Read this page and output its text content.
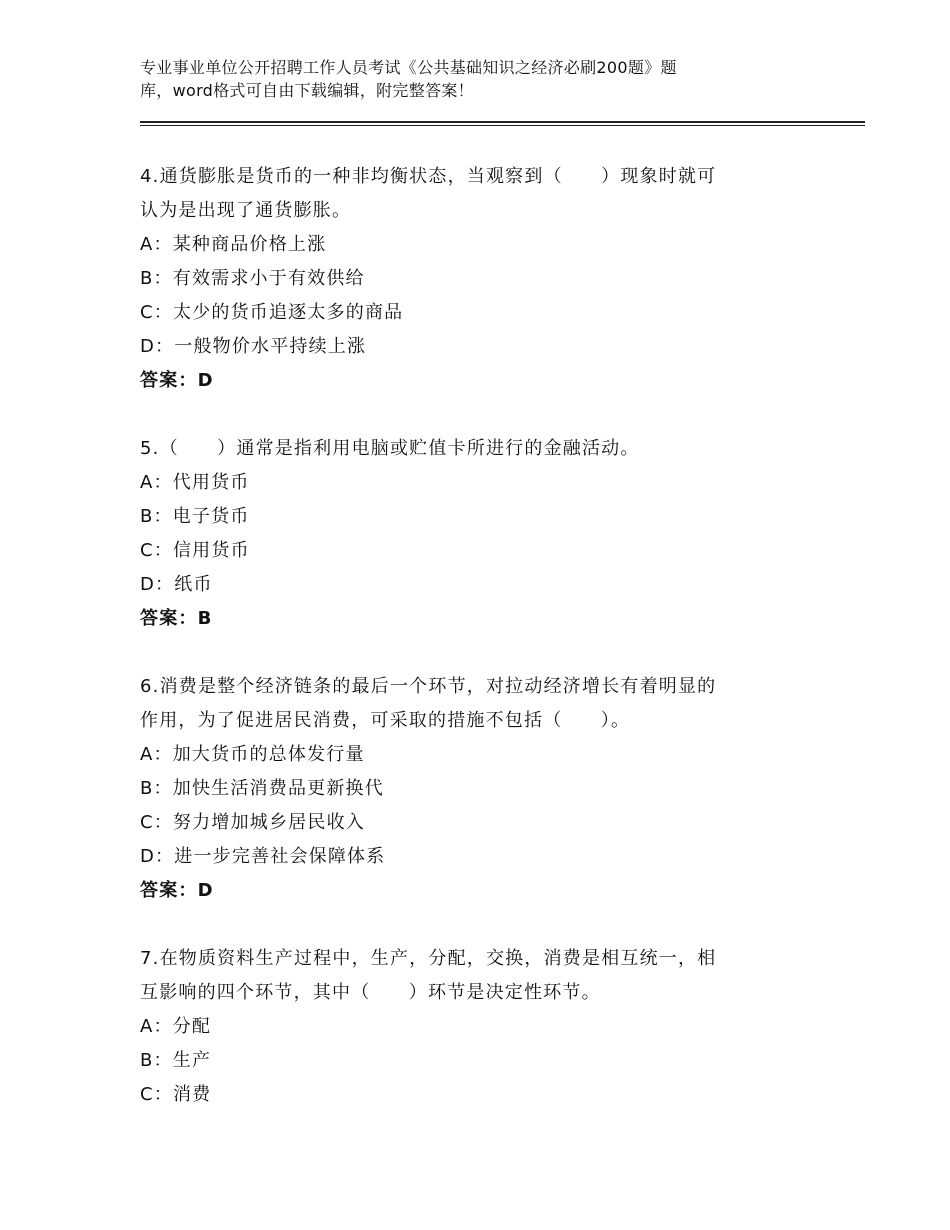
专业事业单位公开招聘工作人员考试《公共基础知识之经济必刷200题》题
库，word格式可自由下载编辑，附完整答案！
4.通货膨胀是货币的一种非均衡状态，当观察到（　　）现象时就可
认为是出现了通货膨胀。
A：某种商品价格上涨
B：有效需求小于有效供给
C：太少的货币追逐太多的商品
D：一般物价水平持续上涨
答案：D
5.（　　）通常是指利用电脑或贮值卡所进行的金融活动。
A：代用货币
B：电子货币
C：信用货币
D：纸币
答案：B
6.消费是整个经济链条的最后一个环节，对拉动经济增长有着明显的
作用，为了促进居民消费，可采取的措施不包括（　　）。
A：加大货币的总体发行量
B：加快生活消费品更新换代
C：努力增加城乡居民收入
D：进一步完善社会保障体系
答案：D
7.在物质资料生产过程中，生产，分配，交换，消费是相互统一，相
互影响的四个环节，其中（　　）环节是决定性环节。
A：分配
B：生产
C：消费
